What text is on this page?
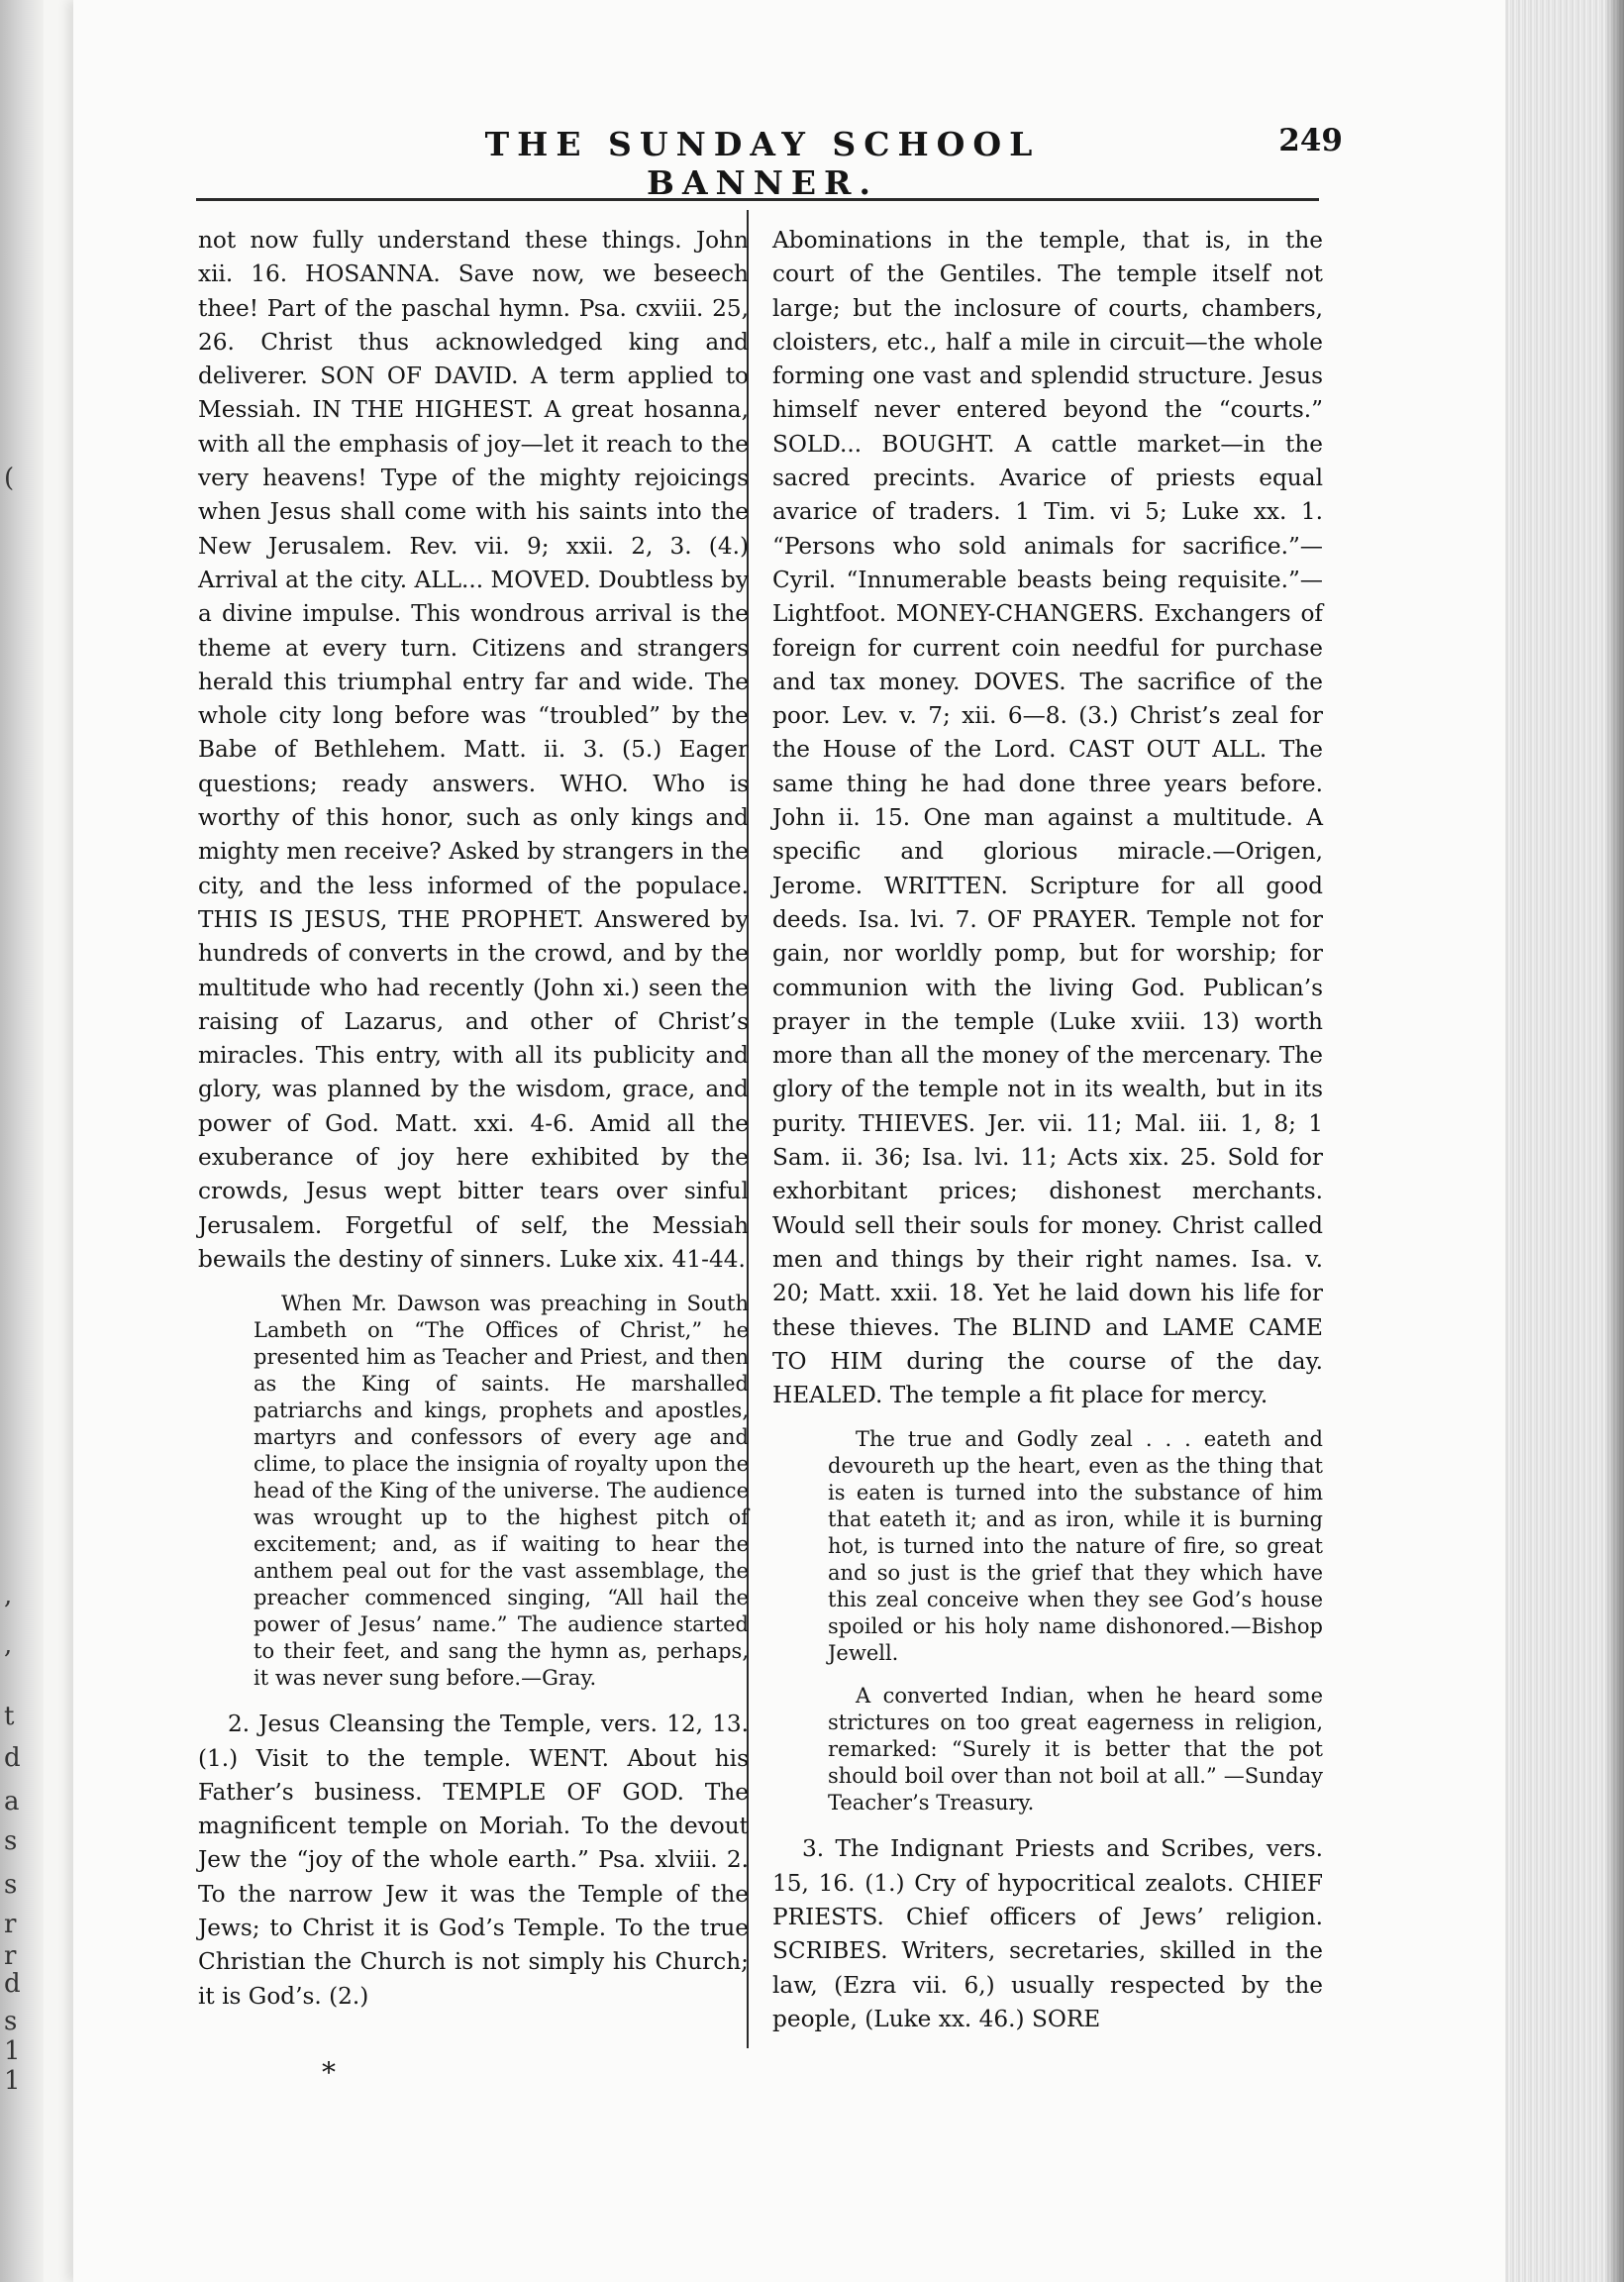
(
,
,
t
d
a
s
s
r
r
d
s
1
1
THE SUNDAY SCHOOL BANNER.
249

not now fully understand these things. John xii. 16. HOSANNA. Save now, we beseech thee! Part of the paschal hymn. Psa. cxviii. 25, 26. Christ thus acknowledged king and deliverer. SON OF DAVID. A term applied to Messiah. IN THE HIGHEST. A great hosanna, with all the emphasis of joy—let it reach to the very heavens! Type of the mighty rejoicings when Jesus shall come with his saints into the New Jerusalem. Rev. vii. 9; xxii. 2, 3. (4.) Arrival at the city. ALL... MOVED. Doubtless by a divine impulse. This wondrous arrival is the theme at every turn. Citizens and strangers herald this triumphal entry far and wide. The whole city long before was “troubled” by the Babe of Bethlehem. Matt. ii. 3. (5.) Eager questions; ready answers. WHO. Who is worthy of this honor, such as only kings and mighty men receive? Asked by strangers in the city, and the less informed of the populace. THIS IS JESUS, THE PROPHET. Answered by hundreds of converts in the crowd, and by the multitude who had recently (John xi.) seen the raising of Lazarus, and other of Christ’s miracles. This entry, with all its publicity and glory, was planned by the wisdom, grace, and power of God. Matt. xxi. 4-6. Amid all the exuberance of joy here exhibited by the crowds, Jesus wept bitter tears over sinful Jerusalem. Forgetful of self, the Messiah bewails the destiny of sinners. Luke xix. 41-44.

When Mr. Dawson was preaching in South Lambeth on “The Offices of Christ,” he presented him as Teacher and Priest, and then as the King of saints. He marshalled patriarchs and kings, prophets and apostles, martyrs and confessors of every age and clime, to place the insignia of royalty upon the head of the King of the universe. The audience was wrought up to the highest pitch of excitement; and, as if waiting to hear the anthem peal out for the vast assemblage, the preacher commenced singing, “All hail the power of Jesus’ name.” The audience started to their feet, and sang the hymn as, perhaps, it was never sung before.—Gray.

2. Jesus Cleansing the Temple, vers. 12, 13. (1.) Visit to the temple. WENT. About his Father’s business. TEMPLE OF GOD. The magnificent temple on Moriah. To the devout Jew the “joy of the whole earth.” Psa. xlviii. 2. To the narrow Jew it was the Temple of the Jews; to Christ it is God’s Temple. To the true Christian the Church is not simply his Church; it is God’s. (2.)

*

Abominations in the temple, that is, in the court of the Gentiles. The temple itself not large; but the inclosure of courts, chambers, cloisters, etc., half a mile in circuit—the whole forming one vast and splendid structure. Jesus himself never entered beyond the “courts.” SOLD... BOUGHT. A cattle market—in the sacred precints. Avarice of priests equal avarice of traders. 1 Tim. vi 5; Luke xx. 1. “Persons who sold animals for sacrifice.”—Cyril. “Innumerable beasts being requisite.”—Lightfoot. MONEY-CHANGERS. Exchangers of foreign for current coin needful for purchase and tax money. DOVES. The sacrifice of the poor. Lev. v. 7; xii. 6—8. (3.) Christ’s zeal for the House of the Lord. CAST OUT ALL. The same thing he had done three years before. John ii. 15. One man against a multitude. A specific and glorious miracle.—Origen, Jerome. WRITTEN. Scripture for all good deeds. Isa. lvi. 7. OF PRAYER. Temple not for gain, nor worldly pomp, but for worship; for communion with the living God. Publican’s prayer in the temple (Luke xviii. 13) worth more than all the money of the mercenary. The glory of the temple not in its wealth, but in its purity. THIEVES. Jer. vii. 11; Mal. iii. 1, 8; 1 Sam. ii. 36; Isa. lvi. 11; Acts xix. 25. Sold for exhorbitant prices; dishonest merchants. Would sell their souls for money. Christ called men and things by their right names. Isa. v. 20; Matt. xxii. 18. Yet he laid down his life for these thieves. The BLIND and LAME CAME TO HIM during the course of the day. HEALED. The temple a fit place for mercy.

The true and Godly zeal . . . eateth and devoureth up the heart, even as the thing that is eaten is turned into the substance of him that eateth it; and as iron, while it is burning hot, is turned into the nature of fire, so great and so just is the grief that they which have this zeal conceive when they see God’s house spoiled or his holy name dishonored.—Bishop Jewell.

A converted Indian, when he heard some strictures on too great eagerness in religion, remarked: “Surely it is better that the pot should boil over than not boil at all.” —Sunday Teacher’s Treasury.

3. The Indignant Priests and Scribes, vers. 15, 16. (1.) Cry of hypocritical zealots. CHIEF PRIESTS. Chief officers of Jews’ religion. SCRIBES. Writers, secretaries, skilled in the law, (Ezra vii. 6,) usually respected by the people, (Luke xx. 46.) SORE
